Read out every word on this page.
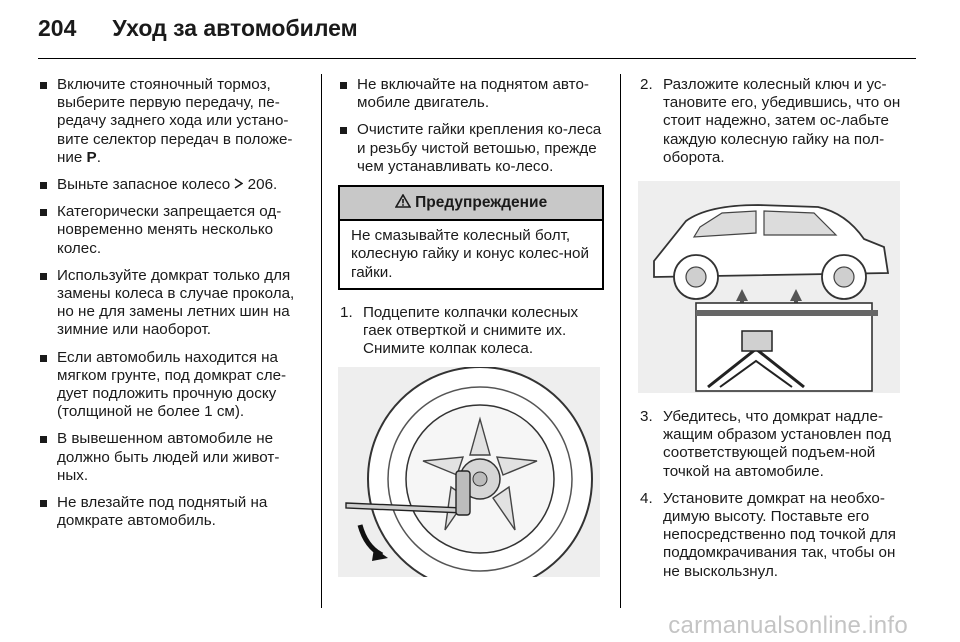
204 Уход за автомобилем
Включите стояночный тормоз, выберите первую передачу, пе-редачу заднего хода или устано-вите селектор передач в положе-ние P.
Выньте запасное колесо  206.
Категорически запрещается од-новременно менять несколько колес.
Используйте домкрат только для замены колеса в случае прокола, но не для замены летних шин на зимние или наоборот.
Если автомобиль находится на мягком грунте, под домкрат сле-дует подложить прочную доску (толщиной не более 1 см).
В вывешенном автомобиле не должно быть людей или живот-ных.
Не влезайте под поднятый на домкрате автомобиль.
Не включайте на поднятом авто-мобиле двигатель.
Очистите гайки крепления ко-леса и резьбу чистой ветошью, прежде чем устанавливать ко-лесо.
Предупреждение
Не смазывайте колесный болт, колесную гайку и конус колес-ной гайки.
1. Подцепите колпачки колесных гаек отверткой и снимите их. Снимите колпак колеса.
2. Разложите колесный ключ и ус-тановите его, убедившись, что он стоит надежно, затем ос-лабьте каждую колесную гайку на пол-оборота.
3. Убедитесь, что домкрат надле-жащим образом установлен под соответствующей подъем-ной точкой на автомобиле.
4. Установите домкрат на необхо-димую высоту. Поставьте его непосредственно под точкой для поддомкрачивания так, чтобы он не выскользнул.
carmanualsonline.info
